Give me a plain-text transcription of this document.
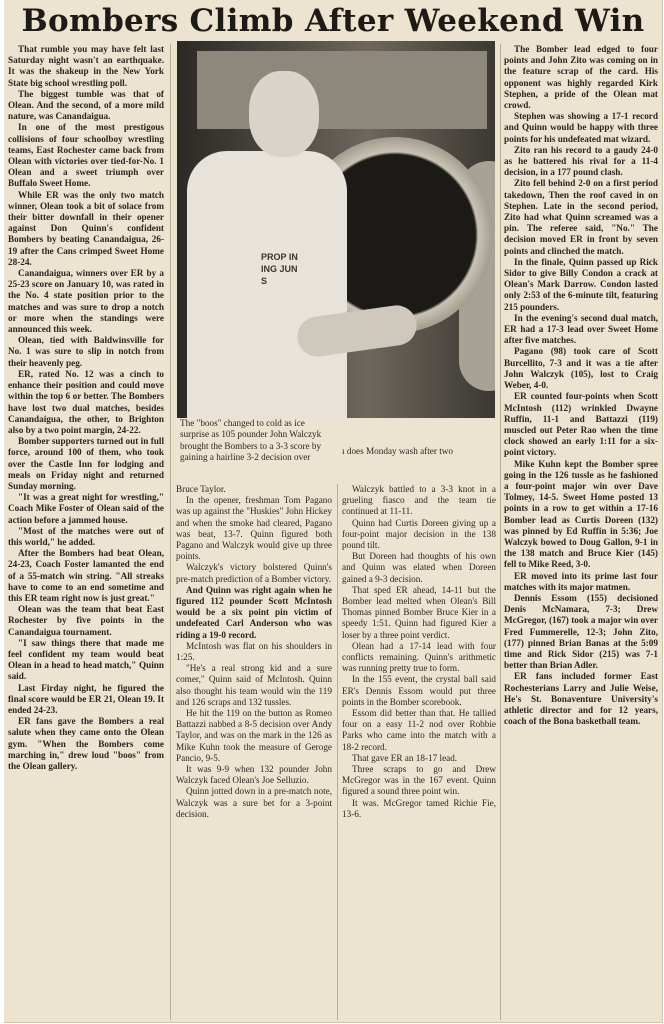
Bombers Climb After Weekend Win

That rumble you may have felt last Saturday night wasn't an earthquake. It was the shakeup in the New York State big school wrestling poll.

The biggest tumble was that of Olean. And the second, of a more mild nature, was Canandaigua.

In one of the most prestigous collisions of four schoolboy wrestling teams, East Rochester came back from Olean with victories over tied-for-No. 1 Olean and a sweet triumph over Buffalo Sweet Home.

While ER was the only two match winner, Olean took a bit of solace from their bitter downfall in their opener against Don Quinn's confident Bombers by beating Canandaigua, 26-19 after the Cans crimped Sweet Home 28-24.

Canandaigua, winners over ER by a 25-23 score on January 10, was rated in the No. 4 state position prior to the matches and was sure to drop a notch or more when the standings were announced this week.

Olean, tied with Baldwinsville for No. 1 was sure to slip in notch from their heavenly peg.

ER, rated No. 12 was a cinch to enhance their position and could move within the top 6 or better. The Bombers have lost two dual matches, besides Canandaigua, the other, to Brighton also by a two point margin, 24-22.

Bomber supporters turned out in full force, around 100 of them, who took over the Castle Inn for lodging and meals on Friday night and returned Sunday morning.

"It was a great night for wrestling," Coach Mike Foster of Olean said of the action before a jammed house.

"Most of the matches were out of this world," he added.

After the Bombers had beat Olean, 24-23, Coach Foster lamanted the end of a 55-match win string. "All streaks have to come to an end sometime and this ER team right now is just great."

Olean was the team that beat East Rochester by five points in the Canandaigua tournament.

"I saw things there that made me feel confident my team would beat Olean in a head to head match," Quinn said.

Last Firday night, he figured the final score would be ER 21, Olean 19. It ended 24-23.

ER fans gave the Bombers a real salute when they came onto the Olean gym. "When the Bombers come marching in," drew loud "boos" from the Olean gallery.

PROP IN ING JUN S

The "boos" changed to cold as ice surprise as 105 pounder John Walczyk brought the Bombers to a 3-3 score by gaining a hairline 3-2 decision over

ı does Monday wash after two

Bruce Taylor.

In the opener, freshman Tom Pagano was up against the "Huskies" John Hickey and when the smoke had cleared, Pagano was beat, 13-7. Quinn figured both Pagano and Walczyk would give up three points.

Walczyk's victory bolstered Quinn's pre-match prediction of a Bomber victory.

And Quinn was right again when he figured 112 pounder Scott McIntosh would be a six point pin victim of undefeated Carl Anderson who was riding a 19-0 record.

McIntosh was flat on his shoulders in 1:25.

"He's a real strong kid and a sure comer," Quinn said of McIntosh. Quinn also thought his team would win the 119 and 126 scraps and 132 tussles.

He hit the 119 on the button as Romeo Battazzi nabbed a 8-5 decision over Andy Taylor, and was on the mark in the 126 as Mike Kuhn took the measure of Geroge Pancio, 9-5.

It was 9-9 when 132 pounder John Walczyk faced Olean's Joe Selluzio.

Quinn jotted down in a pre-match note, Walczyk was a sure bet for a 3-point decision.

Walczyk battled to a 3-3 knot in a grueling fiasco and the team tie continued at 11-11.

Quinn had Curtis Doreen giving up a four-point major decision in the 138 pound tilt.

But Doreen had thoughts of his own and Quinn was elated when Doreen gained a 9-3 decision.

That sped ER ahead, 14-11 but the Bomber lead melted when Olean's Bill Thomas pinned Bomber Bruce Kier in a speedy 1:51. Quinn had figured Kier a loser by a three point verdict.

Olean had a 17-14 lead with four conflicts remaining. Quinn's arithmetic was running pretty true to form.

In the 155 event, the crystal ball said ER's Dennis Essom would put three points in the Bomber scorebook.

Essom did better than that. He tallied four on a easy 11-2 nod over Robbie Parks who came into the match with a 18-2 record.

That gave ER an 18-17 lead.

Three scraps to go and Drew McGregor was in the 167 event. Quinn figured a sound three point win.

It was. McGregor tamed Richie Fie, 13-6.

The Bomber lead edged to four points and John Zito was coming on in the feature scrap of the card. His opponent was highly regarded Kirk Stephen, a pride of the Olean mat crowd.

Stephen was showing a 17-1 record and Quinn would be happy with three points for his undefeated mat wizard.

Zito ran his record to a gaudy 24-0 as he battered his rival for a 11-4 decision, in a 177 pound clash.

Zito fell behind 2-0 on a first period takedown, Then the roof caved in on Stephen. Late in the second period, Zito had what Quinn screamed was a pin. The referee said, "No." The decision moved ER in front by seven points and clinched the match.

In the finale, Quinn passed up Rick Sidor to give Billy Condon a crack at Olean's Mark Darrow. Condon lasted only 2:53 of the 6-minute tilt, featuring 215 pounders.

In the evening's second dual match, ER had a 17-3 lead over Sweet Home after five matches.

Pagano (98) took care of Scott Burcellito, 7-3 and it was a tie after John Walczyk (105), lost to Craig Weber, 4-0.

ER counted four-points when Scott McIntosh (112) wrinkled Dwayne Ruffin, 11-1 and Battazzi (119) muscled out Peter Rao when the time clock showed an early 1:11 for a six-point victory.

Mike Kuhn kept the Bomber spree going in the 126 tussle as he fashioned a four-point major win over Dave Tolmey, 14-5. Sweet Home posted 13 points in a row to get within a 17-16 Bomber lead as Curtis Doreen (132) was pinned by Ed Ruffin in 5:36; Joe Walczyk bowed to Doug Gallon, 9-1 in the 138 match and Bruce Kier (145) fell to Mike Reed, 3-0.

ER moved into its prime last four matches with its major matmen.

Dennis Essom (155) decisioned Denis McNamara, 7-3; Drew McGregor, (167) took a major win over Fred Fummerelle, 12-3; John Zito, (177) pinned Brian Banas at the 5:09 time and Rick Sidor (215) was 7-1 better than Brian Adler.

ER fans included former East Rochesterians Larry and Julie Weise, He's St. Bonaventure University's athletic director and for 12 years, coach of the Bona basketball team.
